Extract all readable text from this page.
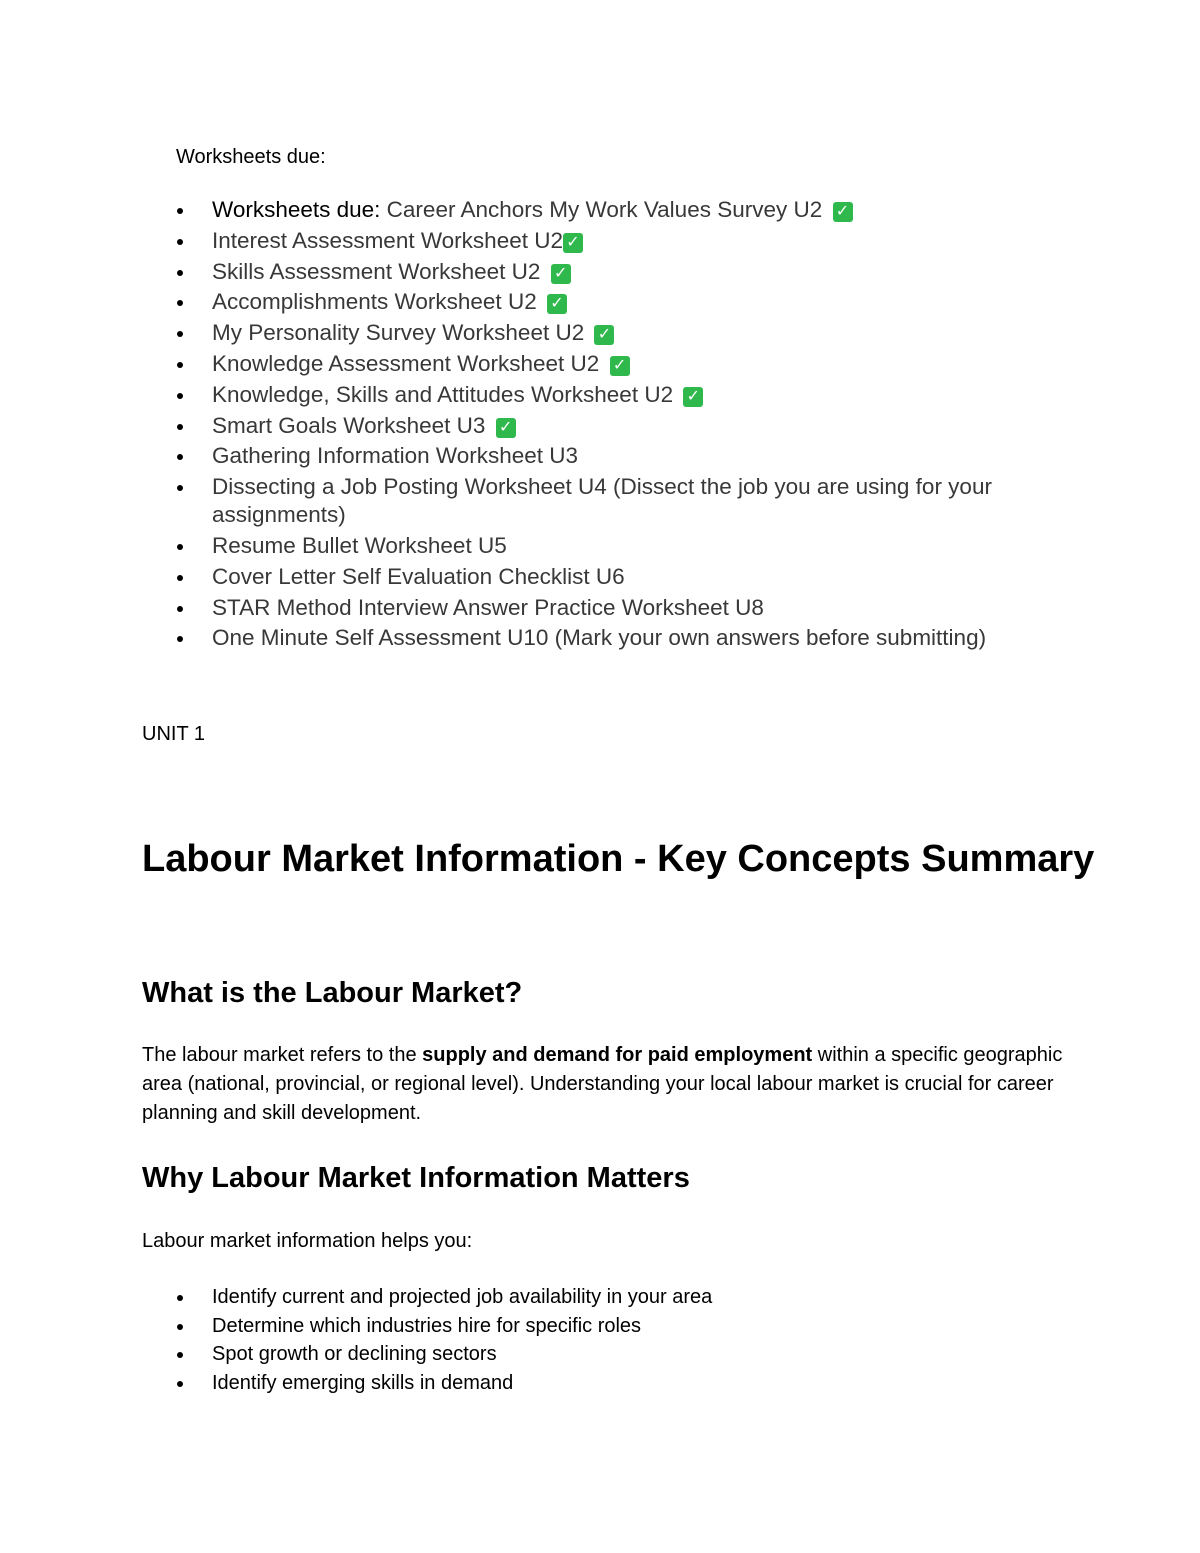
Worksheets due:
Worksheets due: Career Anchors My Work Values Survey U2 ✓
Interest Assessment Worksheet U2 ✓
Skills Assessment Worksheet U2 ✓
Accomplishments Worksheet U2 ✓
My Personality Survey Worksheet U2 ✓
Knowledge Assessment Worksheet U2 ✓
Knowledge, Skills and Attitudes Worksheet U2 ✓
Smart Goals Worksheet U3 ✓
Gathering Information Worksheet U3
Dissecting a Job Posting Worksheet U4 (Dissect the job you are using for your assignments)
Resume Bullet Worksheet U5
Cover Letter Self Evaluation Checklist U6
STAR Method Interview Answer Practice Worksheet U8
One Minute Self Assessment U10 (Mark your own answers before submitting)
UNIT 1
Labour Market Information - Key Concepts Summary
What is the Labour Market?

The labour market refers to the supply and demand for paid employment within a specific geographic area (national, provincial, or regional level). Understanding your local labour market is crucial for career planning and skill development.

Why Labour Market Information Matters

Labour market information helps you:

Identify current and projected job availability in your area
Determine which industries hire for specific roles
Spot growth or declining sectors
Identify emerging skills in demand
